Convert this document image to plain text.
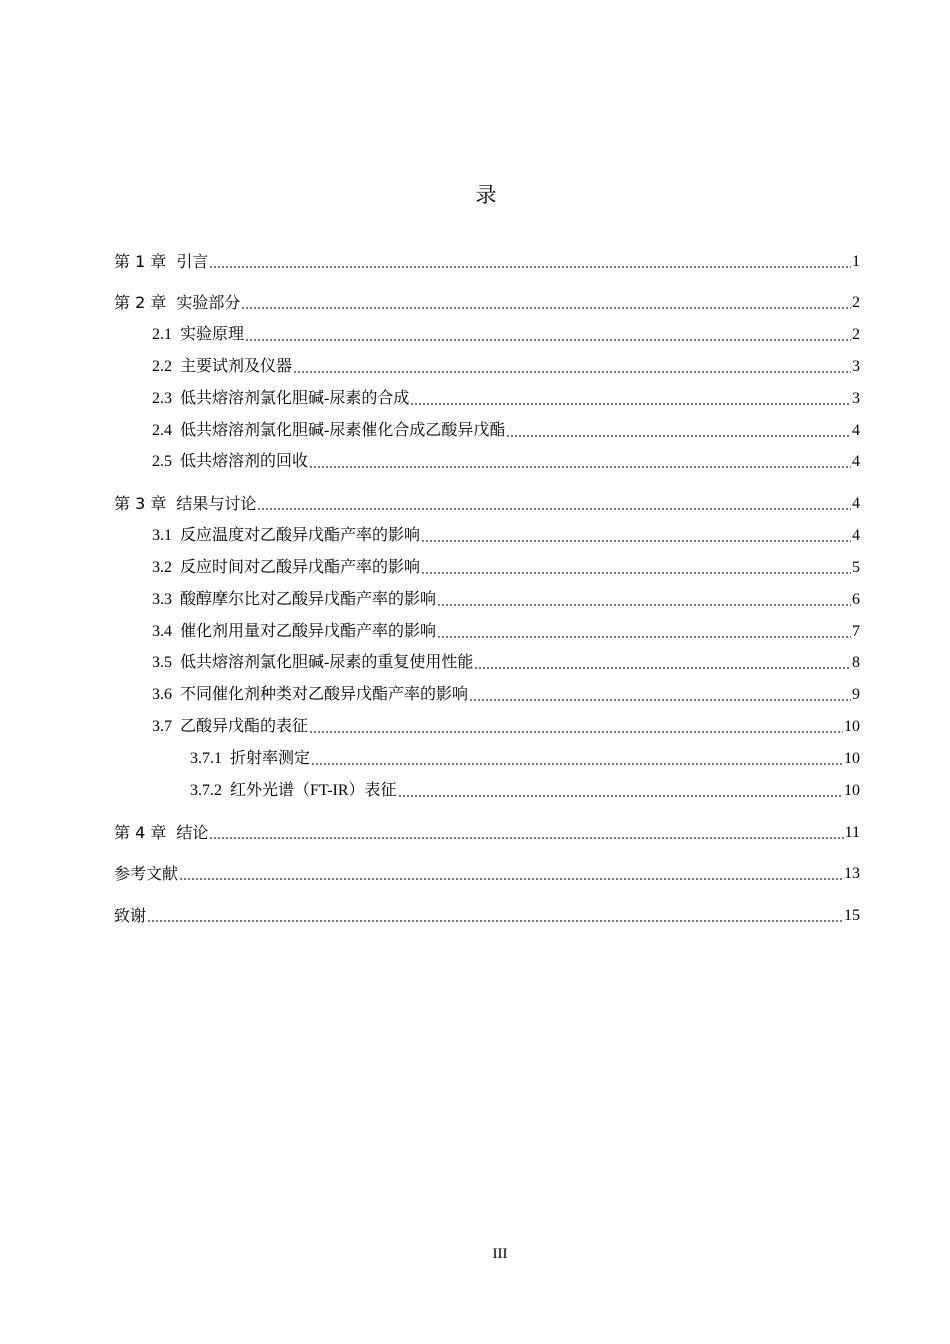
录
第 1 章 引言	1
第 2 章 实验部分	2
2.1 实验原理	2
2.2 主要试剂及仪器	3
2.3 低共熔溶剂氯化胆碱-尿素的合成	3
2.4 低共熔溶剂氯化胆碱-尿素催化合成乙酸异戊酯	4
2.5 低共熔溶剂的回收	4
第 3 章 结果与讨论	4
3.1 反应温度对乙酸异戊酯产率的影响	4
3.2 反应时间对乙酸异戊酯产率的影响	5
3.3 酸醇摩尔比对乙酸异戊酯产率的影响	6
3.4 催化剂用量对乙酸异戊酯产率的影响	7
3.5 低共熔溶剂氯化胆碱-尿素的重复使用性能	8
3.6 不同催化剂种类对乙酸异戊酯产率的影响	9
3.7 乙酸异戊酯的表征	10
3.7.1 折射率测定	10
3.7.2 红外光谱（FT-IR）表征	10
第 4 章 结论	11
参考文献	13
致谢	15
III
